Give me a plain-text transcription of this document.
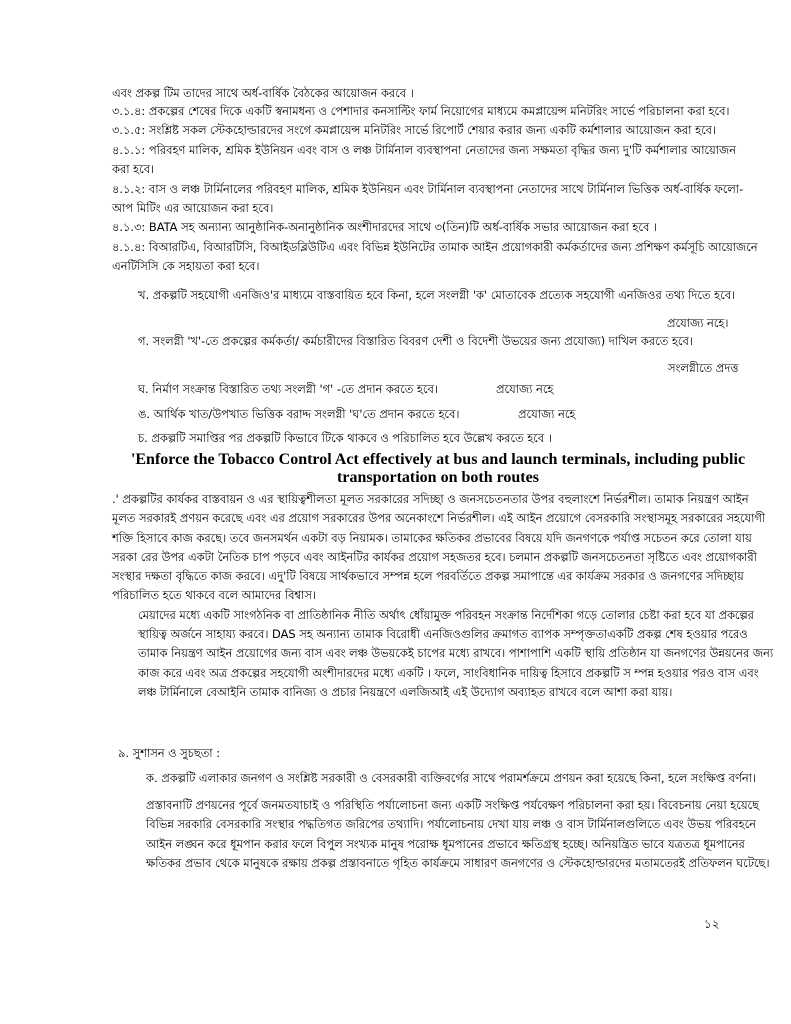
এবং প্রকল্প টিম তাদের সাথে অর্ধ-বার্ষিক বৈঠকের আয়োজন করবে ।
৩.১.৪: প্রকল্পের শেষের দিকে একটি স্বনামধন্য ও পেশাদার কনসাল্টিং ফার্ম নিয়োগের মাধ্যমে কমপ্লায়েন্স মনিটরিং সার্ভে পরিচালনা করা হবে।
৩.১.৫: সংশ্লিষ্ট সকল স্টেকহোল্ডারদের সংগে কমপ্লায়েন্স মনিটরিং সার্ভে রিপোর্ট শেয়ার করার জন্য একটি কর্মশালার আয়োজন করা হবে।
৪.১.১: পরিবহণ মালিক, শ্রমিক ইউনিয়ন এবং বাস ও লঞ্চ টার্মিনাল ব্যবস্থাপনা নেতাদের জন্য সক্ষমতা বৃদ্ধির জন্য দু'টি কর্মশালার আয়োজন
করা হবে।
৪.১.২: বাস ও লঞ্চ টার্মিনালের পরিবহণ মালিক, শ্রমিক ইউনিয়ন এবং টার্মিনাল ব্যবস্থাপনা নেতাদের সাথে টার্মিনাল ভিত্তিক অর্ধ-বার্ষিক ফলো-
আপ মিটিং এর আয়োজন করা হবে।
৪.১.৩: BATA সহ অন্যান্য আনুষ্ঠানিক-অনানুষ্ঠানিক অংশীদারদের সাথে ৩(তিন)টি অর্ধ-বার্ষিক সভার আয়োজন করা হবে ।
৪.১.৪: বিআরটিএ, বিআরটিসি, বিআইডব্লিউটিএ এবং বিভিন্ন ইউনিটের তামাক আইন প্রয়োগকারী কর্মকর্তাদের জন্য প্রশিক্ষণ কর্মসূচি আয়োজনে
এনটিসিসি কে সহায়তা করা হবে।
খ. প্রকল্পটি সহযোগী এনজিও'র মাধ্যমে বাস্তবায়িত হবে কিনা, হলে সংলগ্নী 'ক' মোতাবেক প্রত্যেক সহযোগী এনজিওর তথ্য দিতে হবে।
প্রযোজ্য নহে।
গ. সংলগ্নী 'খ'-তে প্রকল্পের কর্মকর্তা/ কর্মচারীদের বিস্তারিত বিবরণ দেশী ও বিদেশী উভয়ের জন্য প্রযোজ্য) দাখিল করতে হবে।
সংলগ্নীতে প্রদত্ত
ঘ. নির্মাণ সংক্রান্ত বিস্তারিত তথ্য সংলগ্নী 'গ' -তে প্রদান করতে হবে।	প্রযোজ্য নহে
ঙ. আর্থিক খাত/উপখাত ভিত্তিক বরাদ্দ সংলগ্নী 'ঘ'তে প্রদান করতে হবে।	প্রযোজ্য নহে
চ. প্রকল্পটি সমাপ্তির পর প্রকল্পটি কিভাবে টিকে থাকবে ও পরিচালিত হবে উল্লেখ করতে হবে ।
'Enforce the Tobacco Control Act effectively at bus and launch terminals, including public
transportation on both routes

.' প্রকল্পটির কার্যকর বাস্তবায়ন ও এর স্থায়িত্বশীলতা মূলত সরকারের সদিচ্ছা ও জনসচেতনতার উপর বহুলাংশে নির্ভরশীল। তামাক নিয়ন্ত্রণ আইন মূলত সরকারই প্রণয়ন করেছে এবং এর প্রয়োগ সরকারের উপর অনেকাংশে নির্ভরশীল। এই আইন প্রয়োগে বেসরকারি সংস্থাসমূহ সরকারের সহযোগী শক্তি হিসাবে কাজ করছে। তবে জনসমর্থন একটা বড় নিয়ামক। তামাকের ক্ষতিকর প্রভাবের বিষয়ে যদি জনগণকে পর্যাপ্ত সচেতন করে তোলা যায় সরকা রের উপর একটা নৈতিক চাপ পড়বে এবং আইনটির কার্যকর প্রয়োগ সহজতর হবে। চলমান প্রকল্পটি জনসচেতনতা সৃষ্টিতে এবং প্রয়োগকারী সংস্থার দক্ষতা বৃদ্ধিতে কাজ করবে। এদু'টি বিষয়ে সার্থকভাবে সম্পন্ন হলে পরবর্তিতে প্রকল্প সমাপান্তে এর কার্যক্রম সরকার ও জনগণের সদিচ্ছায় পরিচালিত হতে থাকবে বলে আমাদের বিশ্বাস।

মেয়াদের মধ্যে একটি সাংগঠনিক বা প্রাতিষ্ঠানিক নীতি অর্থাৎ ধোঁয়ামুক্ত পরিবহন সংক্রান্ত নির্দেশিকা গড়ে তোলার চেষ্টা করা হবে যা প্রকল্পের স্থায়িত্ব অর্জনে সাহায্য করবে। DAS সহ অন্যান্য তামাক বিরোধী এনজিওগুলির ক্রমাগত ব্যাপক সম্পৃক্ততাএকটি প্রকল্প শেষ হওয়ার পরেও তামাক নিয়ন্ত্রণ আইন প্রয়োগের জন্য বাস এবং লঞ্চ উভয়কেই চাপের মধ্যে রাখবে। পাশাপাশি একটি স্থায়ি প্রতিষ্ঠান যা জনগণের উন্নয়নের জন্য কাজ করে এবং অত্র প্রকল্পের সহযোগী অংশীদারদের মধ্যে একটি । ফলে, সাংবিধানিক দায়িত্ব হিসাবে প্রকল্পটি স ম্পন্ন হওয়ার পরও বাস এবং লঞ্চ টার্মিনালে বেআইনি তামাক বানিজ্য ও প্রচার নিয়ন্ত্রণে এলজিআই এই উদ্যোগ অব্যাহত রাখবে বলে আশা করা যায়।

৯. সুশাসন ও সুচছতা :
ক. প্রকল্পটি এলাকার জনগণ ও সংশ্লিষ্ট সরকারী ও বেসরকারী ব্যক্তিবর্গের সাথে পরামর্শক্রমে প্রণয়ন করা হয়েছে কিনা, হলে সংক্ষিপ্ত বর্ণনা।

প্রস্তাবনাটি প্রণয়নের পূর্বে জনমতযাচাই ও পরিস্থিতি পর্যালোচনা জন্য একটি সংক্ষিপ্ত পর্যবেক্ষণ পরিচালনা করা হয়। বিবেচনায় নেয়া হয়েছে বিভিন্ন সরকারি বেসরকারি সংস্থার পদ্ধতিগত জরিপের তথ্যাদি। পর্যালোচনায় দেখা যায় লঞ্চ ও বাস টার্মিনালগুলিতে এবং উভয় পরিবহনে আইন লঙ্ঘন করে ধূমপান করার ফলে বিপুল সংখ্যক মানুষ পরোক্ষ ধূমপানের প্রভাবে ক্ষতিগ্রস্থ হচ্ছে। অনিয়ন্ত্রিত ভাবে যত্রতত্র ধূমপানের ক্ষতিকর প্রভাব থেকে মানুষকে রক্ষায় প্রকল্প প্রস্তাবনাতে গৃহিত কার্যক্রমে সাধারণ জনগণের ও স্টেকহোল্ডারদের মতামতেরই প্রতিফলন ঘটেছে।

১২
